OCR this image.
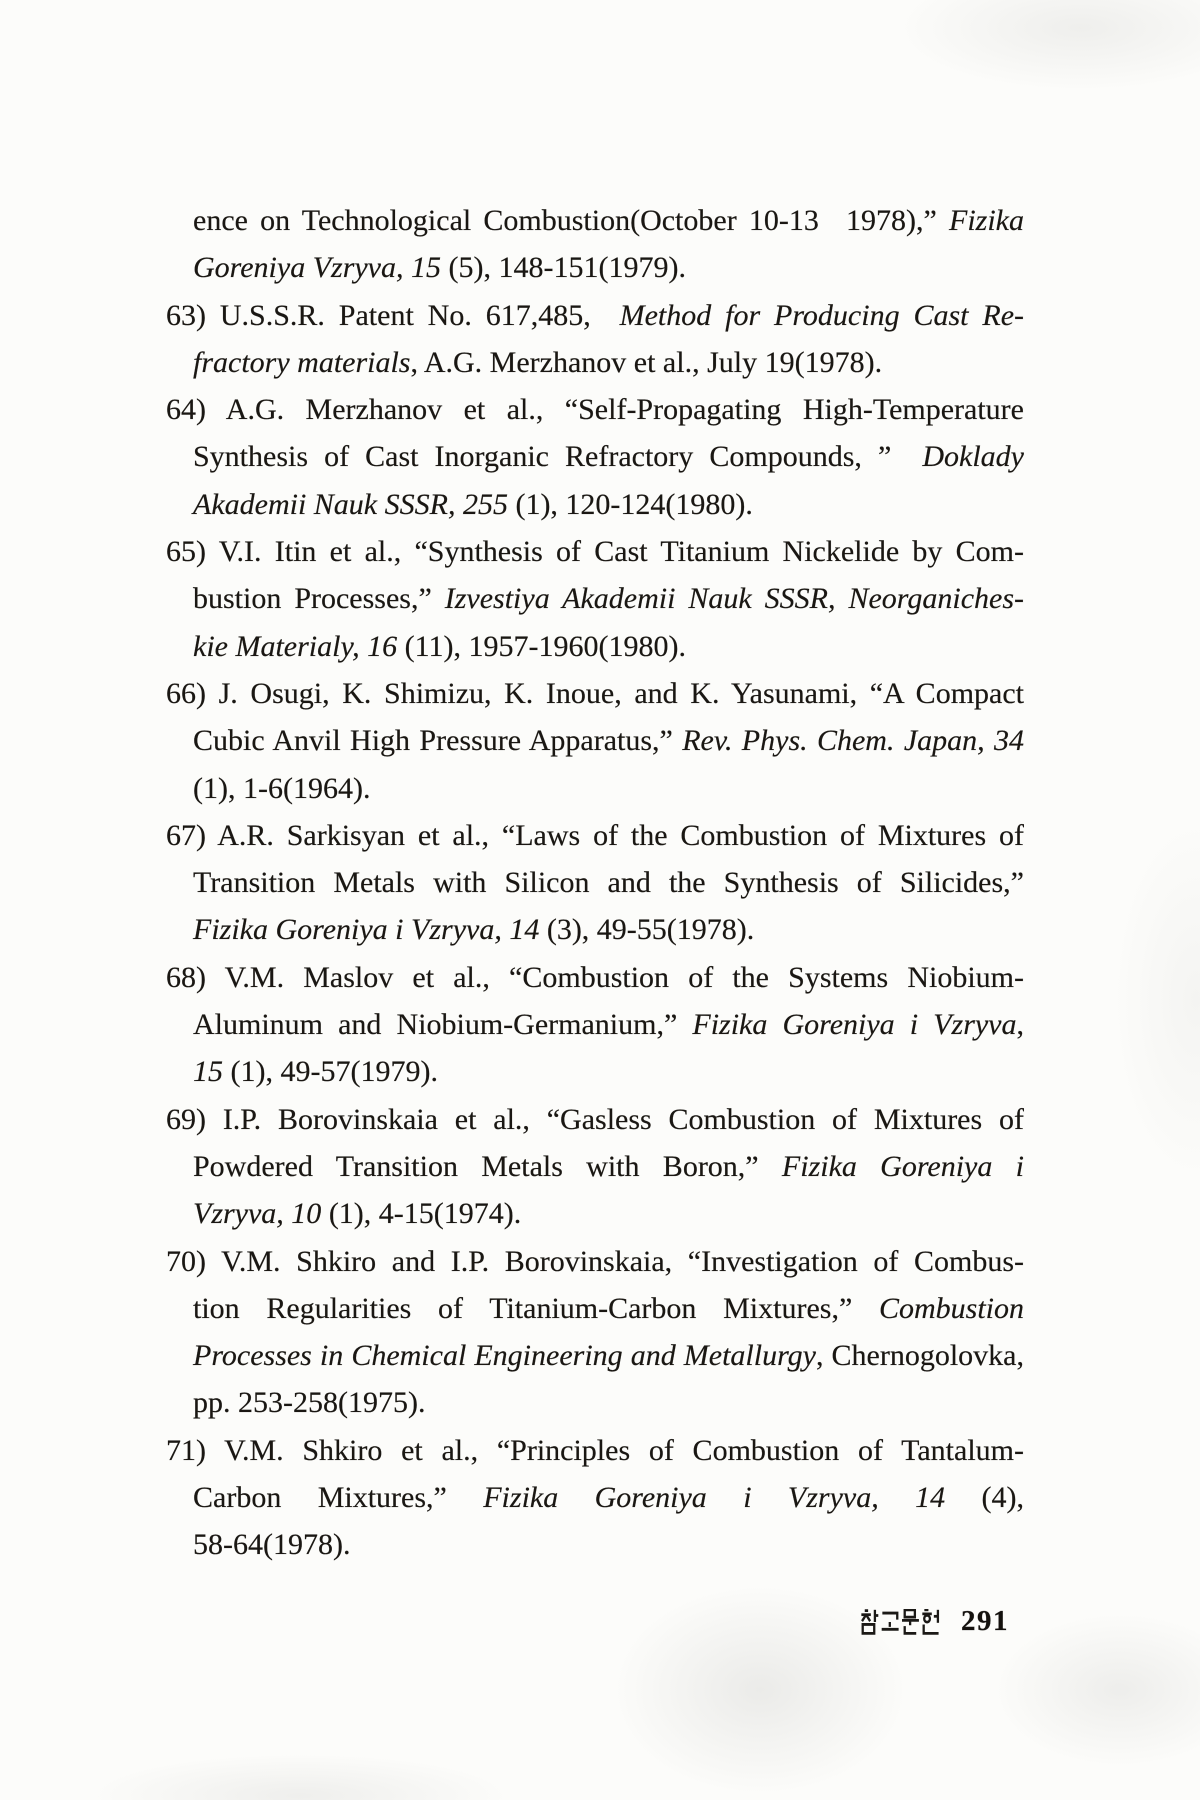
ence on Technological Combustion(October 10-13  1978),” Fizika
Goreniya Vzryva, 15 (5), 148-151(1979).
63) U.S.S.R. Patent No. 617,485,  Method for Producing Cast Re-
fractory materials, A.G. Merzhanov et al., July 19(1978).
64) A.G. Merzhanov et al., “Self-Propagating High-Temperature
Synthesis of Cast Inorganic Refractory Compounds, ”  Doklady
Akademii Nauk SSSR, 255 (1), 120-124(1980).
65) V.I. Itin et al., “Synthesis of Cast Titanium Nickelide by Com-
bustion Processes,” Izvestiya Akademii Nauk SSSR, Neorganiches-
kie Materialy, 16 (11), 1957-1960(1980).
66) J. Osugi, K. Shimizu, K. Inoue, and K. Yasunami, “A Compact
Cubic Anvil High Pressure Apparatus,” Rev. Phys. Chem. Japan, 34
(1), 1-6(1964).
67) A.R. Sarkisyan et al., “Laws of the Combustion of Mixtures of
Transition Metals with Silicon and the Synthesis of Silicides,”
Fizika Goreniya i Vzryva, 14 (3), 49-55(1978).
68) V.M. Maslov et al., “Combustion of the Systems Niobium-
Aluminum and Niobium-Germanium,” Fizika Goreniya i Vzryva,
15 (1), 49-57(1979).
69) I.P. Borovinskaia et al., “Gasless Combustion of Mixtures of
Powdered Transition Metals with Boron,” Fizika Goreniya i
Vzryva, 10 (1), 4-15(1974).
70) V.M. Shkiro and I.P. Borovinskaia, “Investigation of Combus-
tion Regularities of Titanium-Carbon Mixtures,” Combustion
Processes in Chemical Engineering and Metallurgy, Chernogolovka,
pp. 253-258(1975).
71) V.M. Shkiro et al., “Principles of Combustion of Tantalum-
Carbon Mixtures,” Fizika Goreniya i Vzryva, 14 (4),
58-64(1978).
291
